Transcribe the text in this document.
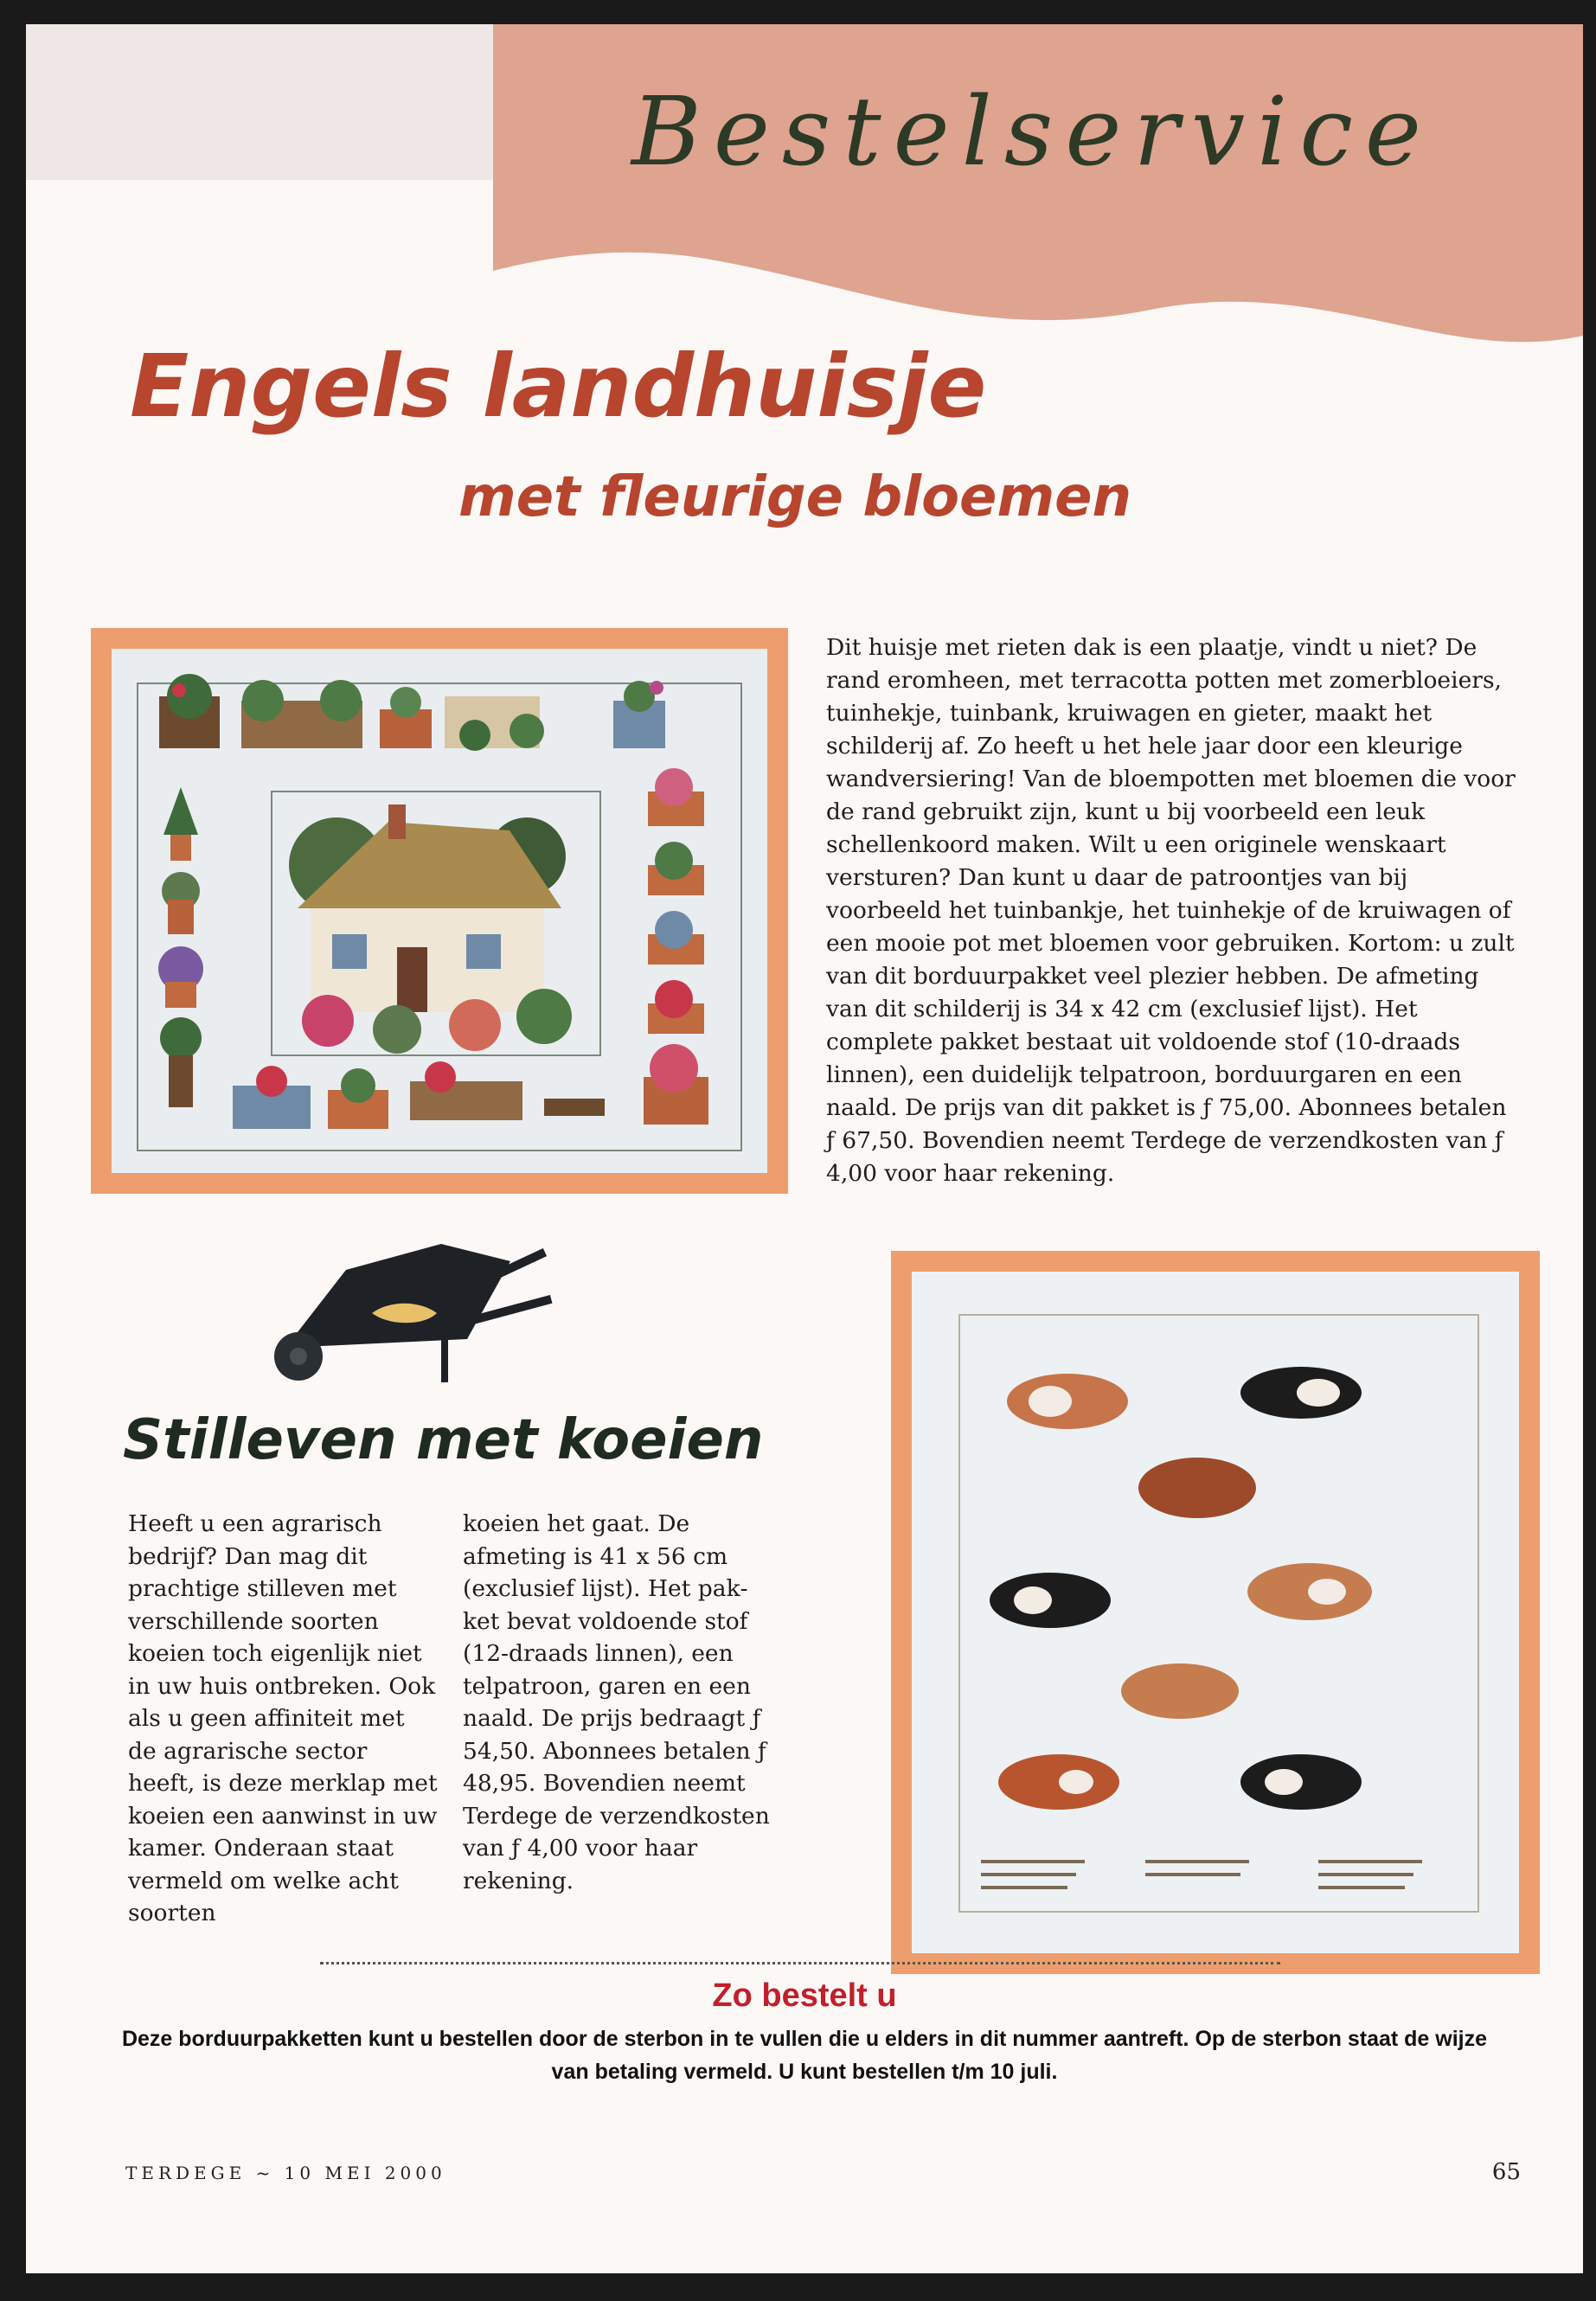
Bestelservice
Engels landhuisje
met fleurige bloemen
Dit huisje met rieten dak is een plaatje, vindt u niet? De rand eromheen, met terracotta potten met zomerbloeiers, tuinhekje, tuinbank, kruiwagen en gieter, maakt het schilderij af. Zo heeft u het hele jaar door een kleurige wandversiering! Van de bloempotten met bloemen die voor de rand gebruikt zijn, kunt u bij voorbeeld een leuk schellenkoord maken. Wilt u een originele wenskaart versturen? Dan kunt u daar de patroontjes van bij voorbeeld het tuinbankje, het tuinhekje of de kruiwagen of een mooie pot met bloemen voor gebruiken. Kortom: u zult van dit borduurpakket veel plezier hebben. De afmeting van dit schilderij is 34 x 42 cm (exclusief lijst). Het complete pakket bestaat uit voldoende stof (10-draads linnen), een duidelijk telpatroon, borduurgaren en een naald. De prijs van dit pakket is ƒ 75,00. Abonnees betalen ƒ 67,50. Bovendien neemt Terdege de verzendkosten van ƒ 4,00 voor haar rekening.
Stilleven met koeien
Heeft u een agrarisch bedrijf? Dan mag dit prachtige stilleven met verschillende soorten koeien toch eigenlijk niet in uw huis ontbreken. Ook als u geen affiniteit met de agrarische sector heeft, is deze merklap met koeien een aanwinst in uw kamer. Onderaan staat vermeld om welke acht soorten
koeien het gaat. De afmeting is 41 x 56 cm (exclusief lijst). Het pakket bevat voldoende stof (12-draads linnen), een telpatroon, garen en een naald. De prijs bedraagt ƒ 54,50. Abonnees betalen ƒ 48,95. Bovendien neemt Terdege de verzendkosten van ƒ 4,00 voor haar rekening.
Zo bestelt u
Deze borduurpakketten kunt u bestellen door de sterbon in te vullen die u elders in dit nummer aantreft. Op de sterbon staat de wijze van betaling vermeld. U kunt bestellen t/m 10 juli.
TERDEGE ~ 10 MEI 2000	65
